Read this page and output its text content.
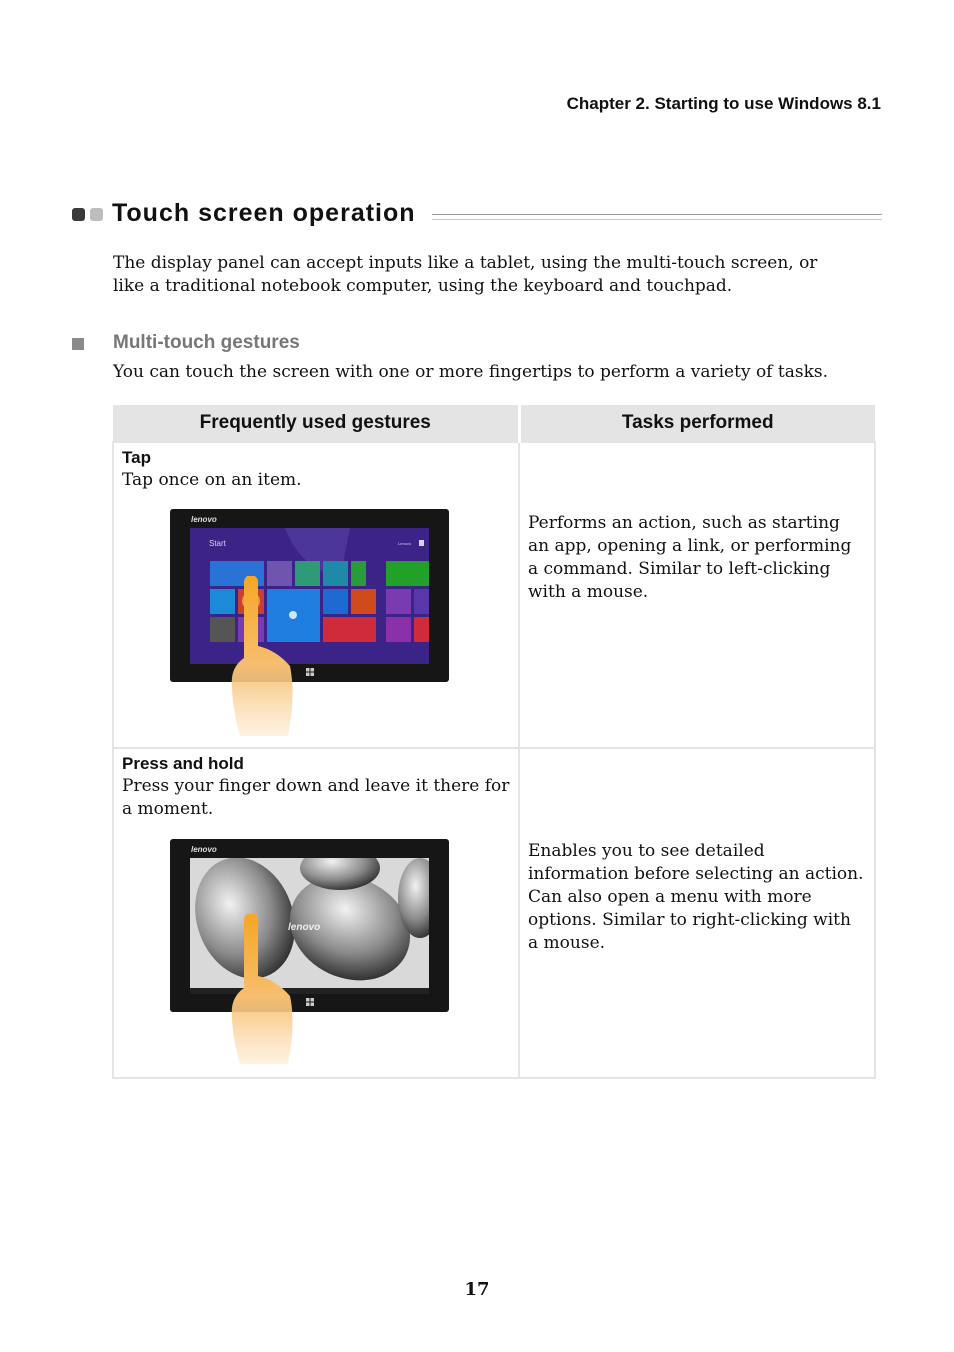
Chapter 2. Starting to use Windows 8.1
Touch screen operation
The display panel can accept inputs like a tablet, using the multi-touch screen, or like a traditional notebook computer, using the keyboard and touchpad.
Multi-touch gestures
You can touch the screen with one or more fingertips to perform a variety of tasks.
Frequently used gestures	Tasks performed

Tap
Tap once on an item.
lenovo
Start Lenovo	Performs an action, such as starting an app, opening a link, or performing a command. Similar to left-clicking with a mouse.

Press and hold
Press your finger down and leave it there for a moment.
lenovo
lenovo	Enables you to see detailed information before selecting an action. Can also open a menu with more options. Similar to right-clicking with a mouse.
17
